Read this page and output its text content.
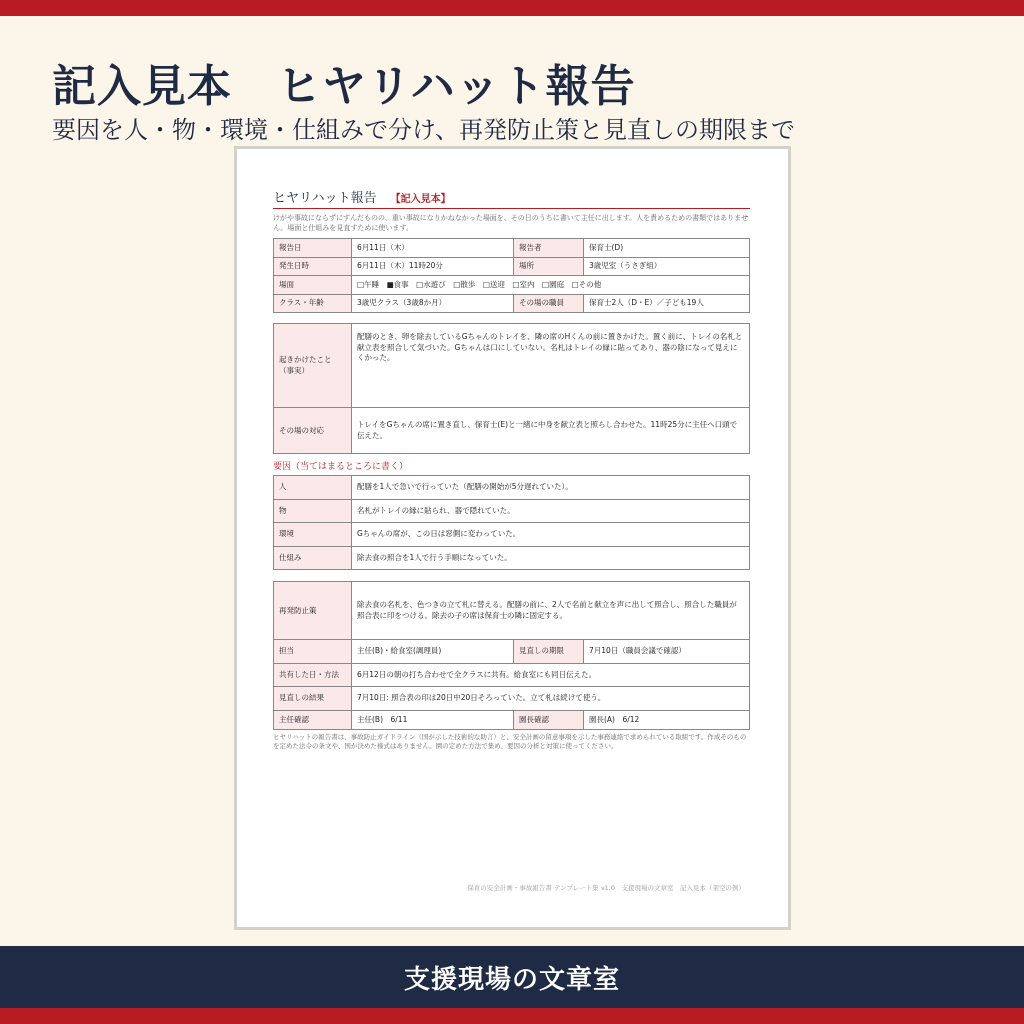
記入見本　ヒヤリハット報告
要因を人・物・環境・仕組みで分け、再発防止策と見直しの期限まで
ヒヤリハット報告 【記入見本】
けがや事故にならずにすんだものの、重い事故になりかねなかった場面を、その日のうちに書いて主任に出します。人を責めるための書類ではありません。場面と仕組みを見直すために使います。
報告日	6月11日（木）	報告者	保育士(D)
発生日時	6月11日（木）11時20分	場所	3歳児室（うさぎ組）
場面	□午睡　■食事　□水遊び　□散歩　□送迎　□室内　□園庭　□その他		
クラス・年齢	3歳児クラス（3歳8か月）	その場の職員	保育士2人（D・E）／子ども19人
起きかけたこと（事実）	配膳のとき、卵を除去しているGちゃんのトレイを、隣の席のHくんの前に置きかけた。置く前に、トレイの名札と献立表を照合して気づいた。Gちゃんは口にしていない。名札はトレイの縁に貼ってあり、器の陰になって見えにくかった。
その場の対応	トレイをGちゃんの席に置き直し、保育士(E)と一緒に中身を献立表と照らし合わせた。11時25分に主任へ口頭で伝えた。
要因（当てはまるところに書く）
人	配膳を1人で急いで行っていた（配膳の開始が5分遅れていた）。
物	名札がトレイの縁に貼られ、器で隠れていた。
環境	Gちゃんの席が、この日は窓側に変わっていた。
仕組み	除去食の照合を1人で行う手順になっていた。
再発防止策	除去食の名札を、色つきの立て札に替える。配膳の前に、2人で名前と献立を声に出して照合し、照合した職員が照合表に印をつける。除去の子の席は保育士の隣に固定する。		
担当	主任(B)・給食室(調理員)	見直しの期限	7月10日（職員会議で確認）
共有した日・方法	6月12日の朝の打ち合わせで全クラスに共有。給食室にも同日伝えた。		
見直しの結果	7月10日: 照合表の印は20日中20日そろっていた。立て札は続けて使う。		
主任確認	主任(B)　6/11	園長確認	園長(A)　6/12
ヒヤリハットの報告書は、事故防止ガイドライン（国が示した技術的な助言）と、安全計画の留意事項を示した事務連絡で求められている取組です。作成そのものを定めた法令の条文や、国が決めた様式はありません。園の定めた方法で集め、要因の分析と対策に使ってください。
保育の安全計画・事故報告書 テンプレート集 v1.0　支援現場の文章室　記入見本（架空の例）
支援現場の文章室
